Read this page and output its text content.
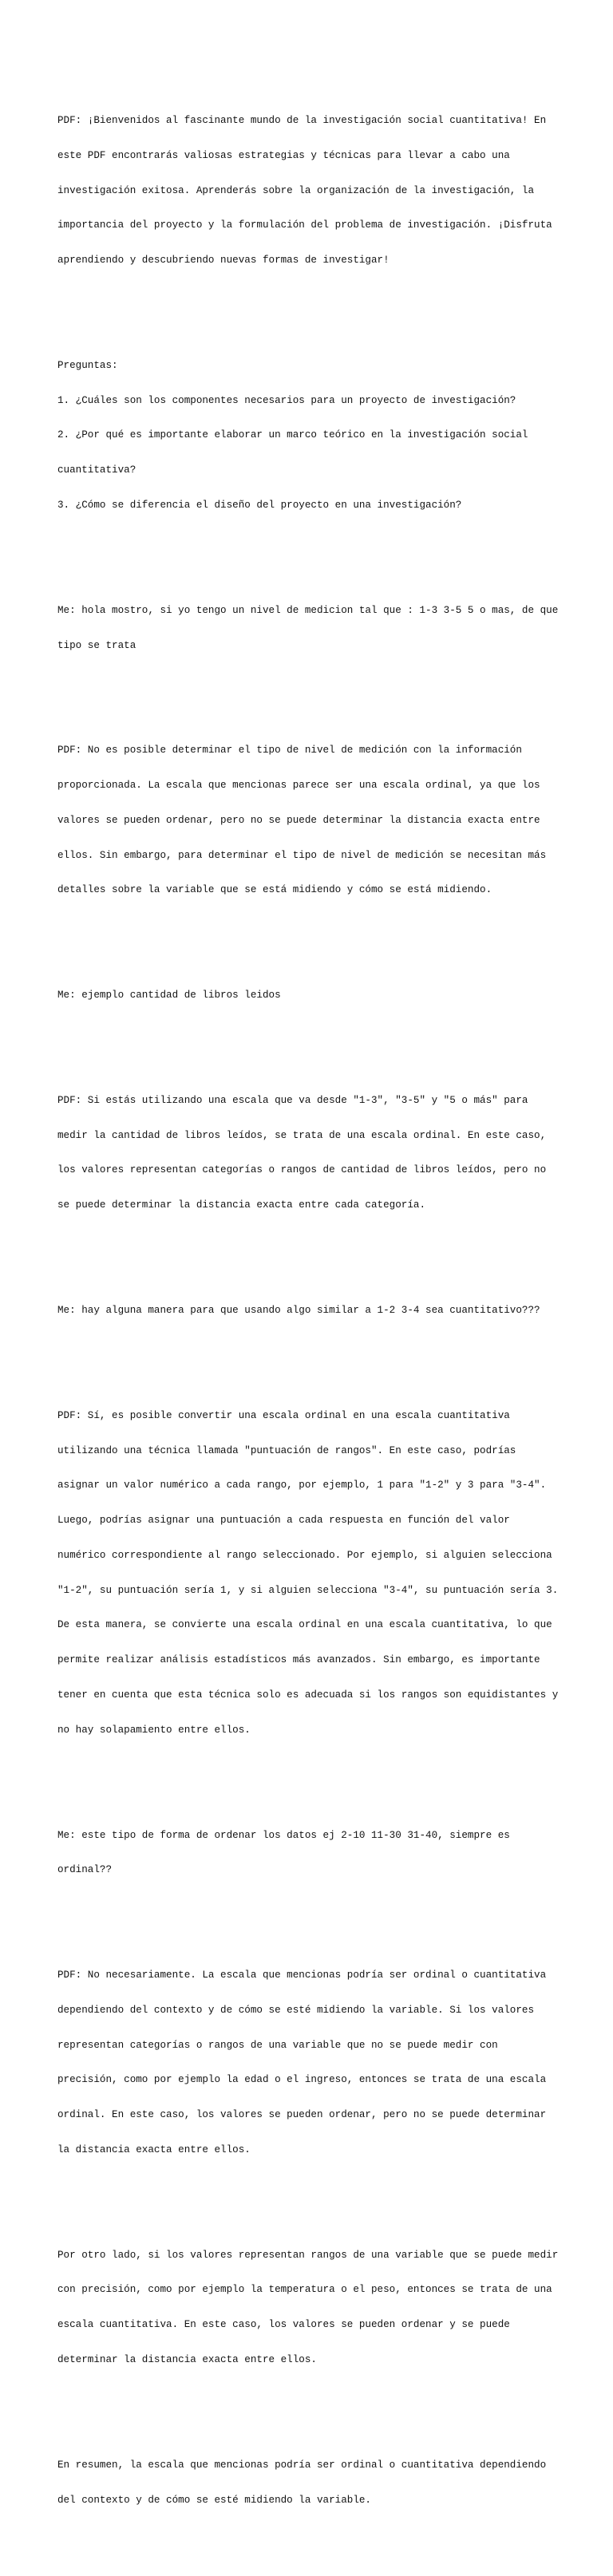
PDF: ¡Bienvenidos al fascinante mundo de la investigación social cuantitativa! En

este PDF encontrarás valiosas estrategias y técnicas para llevar a cabo una

investigación exitosa. Aprenderás sobre la organización de la investigación, la

importancia del proyecto y la formulación del problema de investigación. ¡Disfruta

aprendiendo y descubriendo nuevas formas de investigar!

Preguntas:

1. ¿Cuáles son los componentes necesarios para un proyecto de investigación?

2. ¿Por qué es importante elaborar un marco teórico en la investigación social

cuantitativa?

3. ¿Cómo se diferencia el diseño del proyecto en una investigación?

Me: hola mostro, si yo tengo un nivel de medicion tal que : 1-3 3-5 5 o mas, de que

tipo se trata

PDF: No es posible determinar el tipo de nivel de medición con la información

proporcionada. La escala que mencionas parece ser una escala ordinal, ya que los

valores se pueden ordenar, pero no se puede determinar la distancia exacta entre

ellos. Sin embargo, para determinar el tipo de nivel de medición se necesitan más

detalles sobre la variable que se está midiendo y cómo se está midiendo.

Me: ejemplo cantidad de libros leidos

PDF: Si estás utilizando una escala que va desde "1-3", "3-5" y "5 o más" para

medir la cantidad de libros leídos, se trata de una escala ordinal. En este caso,

los valores representan categorías o rangos de cantidad de libros leídos, pero no

se puede determinar la distancia exacta entre cada categoría.

Me: hay alguna manera para que usando algo similar a 1-2 3-4 sea cuantitativo???

PDF: Sí, es posible convertir una escala ordinal en una escala cuantitativa

utilizando una técnica llamada "puntuación de rangos". En este caso, podrías

asignar un valor numérico a cada rango, por ejemplo, 1 para "1-2" y 3 para "3-4".

Luego, podrías asignar una puntuación a cada respuesta en función del valor

numérico correspondiente al rango seleccionado. Por ejemplo, si alguien selecciona

"1-2", su puntuación sería 1, y si alguien selecciona "3-4", su puntuación sería 3.

De esta manera, se convierte una escala ordinal en una escala cuantitativa, lo que

permite realizar análisis estadísticos más avanzados. Sin embargo, es importante

tener en cuenta que esta técnica solo es adecuada si los rangos son equidistantes y

no hay solapamiento entre ellos.

Me: este tipo de forma de ordenar los datos ej 2-10 11-30 31-40, siempre es

ordinal??

PDF: No necesariamente. La escala que mencionas podría ser ordinal o cuantitativa

dependiendo del contexto y de cómo se esté midiendo la variable. Si los valores

representan categorías o rangos de una variable que no se puede medir con

precisión, como por ejemplo la edad o el ingreso, entonces se trata de una escala

ordinal. En este caso, los valores se pueden ordenar, pero no se puede determinar

la distancia exacta entre ellos.

Por otro lado, si los valores representan rangos de una variable que se puede medir

con precisión, como por ejemplo la temperatura o el peso, entonces se trata de una

escala cuantitativa. En este caso, los valores se pueden ordenar y se puede

determinar la distancia exacta entre ellos.

En resumen, la escala que mencionas podría ser ordinal o cuantitativa dependiendo

del contexto y de cómo se esté midiendo la variable.
